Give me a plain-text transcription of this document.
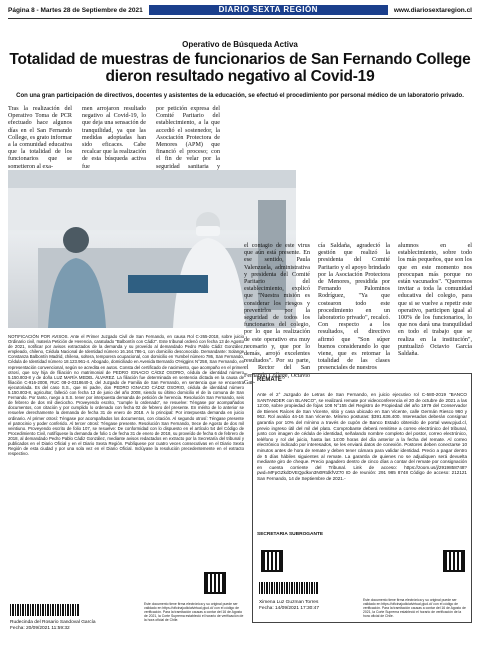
Página 8 - Martes 28 de Septiembre de 2021	DIARIO SEXTA REGIÓN	www.diariosextaregion.cl
Operativo de Búsqueda Activa
Totalidad de muestras de funcionarios de San Fernando College dieron resultado negativo al Covid-19
Con una gran participación de directivos, docentes y asistentes de la educación, se efectuó el procedimiento por personal médico de un laboratorio privado.
Tras la realización del Operativo Toma de PCR efectuado hace algunos días en el San Fernando College, es grato informar a la comunidad educativa que la totalidad de los funcionarios que se sometieron al exa-
men arrojaron resultado negativo al Covid-19, lo que deja una sensación de tranquilidad, ya que las medidas adoptadas han sido eficaces. Cabe recalcar que la realización de esta búsqueda activa fue
por petición expresa del Comité Paritario del establecimiento, a la que accedió el sostenedor, la Asociación Protectora de Menores (APM) que financió el proceso; con el fin de velar por la seguridad sanitaria y
el contagio de este virus que aún está presente. En ese sentido, Paula Valenzuela, administrativa y presidenta del Comité Paritario del establecimiento, explicó que "Nuestra misión es considerar los riesgos y prevenirlos por la seguridad de todos los funcionarios del colegio, por lo que la realización de este operativo era muy necesario y, que por lo demás, arrojó excelentes resultados". Por su parte, el Rector del San Fernando College, Octavio Gar-
cía Saldaña, agradeció la gestión que realizó la presidenta del Comité Paritario y el apoyo brindado por la Asociación Protectora de Menores, presidida por Fernando Palominos Rodríguez, "Ya que costearon todo este procedimiento en un laboratorio privado", recalcó. Con respecto a los resultados, el directivo afirmó que "Son súper buenos considerando lo que viene, que es retomar la totalidad de las clases presenciales de nuestros
alumnos en el establecimiento, sobre todo los más pequeños, que son los que en este momento nos preocupan más porque no están vacunados". "Queremos invitar a toda la comunidad educativa del colegio, para que si se vuelve a repetir este operativo, participen igual al 100% de los funcionarios, lo que nos dará una tranquilidad en todo el trabajo que se realiza en la institución", puntualizó Octavio García Saldaña.
NOTIFICACIÓN POR AVISOS. Ante el Primer Juzgado Civil de San Fernando, en causa Rol C-265-2018, sobre juicio Ordinario civil, materia Petición de Herencia, caratulado "Balbontín con Cádiz". Este tribunal ordenó con fecha 13 de Agosto de 2021, notificar por avisos extractados de la demanda y su proveído al demandado Pedro Pablo Cádiz González, empleado, chileno, Cédula Nacional de Identidad número 16.164.786-1, con domicilio desconocido. Demandante: Solange Constanza Balbontín Madrid, chilena, soltera, temporera ocupacional, con domicilio en Yumbel número 786, San Fernando, Cédula de Identidad número 18.123.961-4. Abogado, domiciliado en Avenida Bernardo O'Higgins N°258, San Fernando, en representación convencional, según se acredita en autos. Consta del certificado de nacimiento, que acompaño en el primer otrosí, que soy hija de filiación no matrimonial de PEDRO IGNACIO CÁDIZ OSORIO, cédula de identidad número 5.150.803-8 y de doña LUZ MARÍA MEDEL ÁLVAREZ. La filiación fue determinada en sentencia dictada en la causa de filiación C-916-2008, RUC 08-2-0318640-3, del Juzgado de Familia de San Fernando, en sentencia que se encuentra ejecutoriada. Es del caso S.S., que mi padre, don PEDRO IGNACIO CÁDIZ OSORIO, cédula de identidad número 5.150.803-8, agricultor, falleció con fecha 13 de junio del año 2008, siendo su último domicilio el de la comuna de San Fernando. Por tanto, ruego a S.S. tener por interpuesta demanda de petición de herencia. Resolución San Fernando, seis de febrero de dos mil dieciocho. Proveyendo escrito, "cumple lo ordenado", se resuelve: Téngase por acompañados documentos, con citación y por cumplido lo ordenado con fecha 02 de febrero del presente. En mérito de lo anterior se resuelve derechamente la demanda de fecha 31 de enero de 2018. A lo principal: Por interpuesta demanda en juicio ordinario. Al primer otrosí: Téngase por acompañados los documentos, con citación. Al segundo otrosí: Téngase presente el patrocinio y poder conferido. Al tercer otrosí: Téngase presente. Resolución San Fernando, trece de Agosto de dos mil veintiuno. Proveyendo escrito de folio 107, se resuelve: De conformidad con lo dispuesto en el artículo 54 del Código de Procedimiento Civil, notifíquese la demanda de folio 1 de fecha 31 de enero de 2018, su proveído de fecha 6 de febrero de 2018, al demandado Pedro Pablo Cádiz González, mediante avisos redactados en extracto por la Secretaría del tribunal y publicados en el Diario Oficial y en el Diario Sexta Región. Publíquese por cuatro veces consecutivas en el Diario Sexta Región de esta ciudad y por una sola vez en el Diario Oficial. Inclúyase la resolución precedentemente en el extracto respectivo.
Rudecinda del Rosario Sandoval García
Fecha: 20/09/2021 11:59:32
Este documento tiene firma electrónica y su original puede ser validado en https://oficinajudicialvirtual.pjud.cl/ con el código de verificación. Para la tramitación causas a contar del 16 de Agosto de 2021, la Corte Suprema estableció el horario de verificación de la hora oficial de Chile.
REMATE
Ante el 2° Juzgado de Letras de San Fernando, en juicio ejecutivo rol C-580-2019 "BANCO SANTANDER con BLANCO", se realizará remate por videoconferencia el 20 de octubre de 2021 a las 12:00, sobre propiedad de fojas 108 N°155 del Registro de Propiedad del año 1979 del Conservador de Bienes Raíces de San Vicente, sitio y casa ubicado en San Vicente, calle Germán Riesco 960 y 962. Rol avalúo 44-16 San Vicente. Mínimo posturas: $391.636.400. Interesados deberán consignar garantía por 10% del mínimo a través de cupón de Banco Estado obtenido de portal www.pjud.cl, previo ingreso útil del mil del plato. Comprobante deberá remitirse a correo electrónico del tribunal, junto con imagen de cédula de identidad, señalando nombre completo del postor, correo electrónico, teléfono y rol del juicio, hasta las 14:00 horas del día anterior a la fecha del remate. Al correo electrónico indicado por interesados, se les enviará datos de conexión. Postores deben conectarse 10 minutos antes de hora de remate y deben tener cámara para validar identidad. Precio a pagar dentro de 5 días hábiles siguientes al remate. La garantía de quienes no se adjudiquen será devuelta mediante giro de cheque. Precio pagadero dentro de cinco días a contar del remate por consignación en cuenta corriente del Tribunal. Link de acceso: https://zoom.us/j/2919858748?pwd=MFpGZkdDVEQpdkxn3N0RtdkfVZ70 ID de reunión: 291 985 8748 Código de acceso: 212121 San Fernando, 14 de Septiembre de 2021.-
SECRETARIA SUBROGANTE
Ximena Luz Guzman Torres
Fecha: 14/09/2021 17:30:47
Este documento tiene firma electrónica y su original puede ser validado en https://oficinajudicialvirtual.pjud.cl/ con el código de verificación. Para la tramitación causas a contar del 16 de Agosto de 2021, la Corte Suprema estableció el horario de verificación de la hora oficial de Chile.
